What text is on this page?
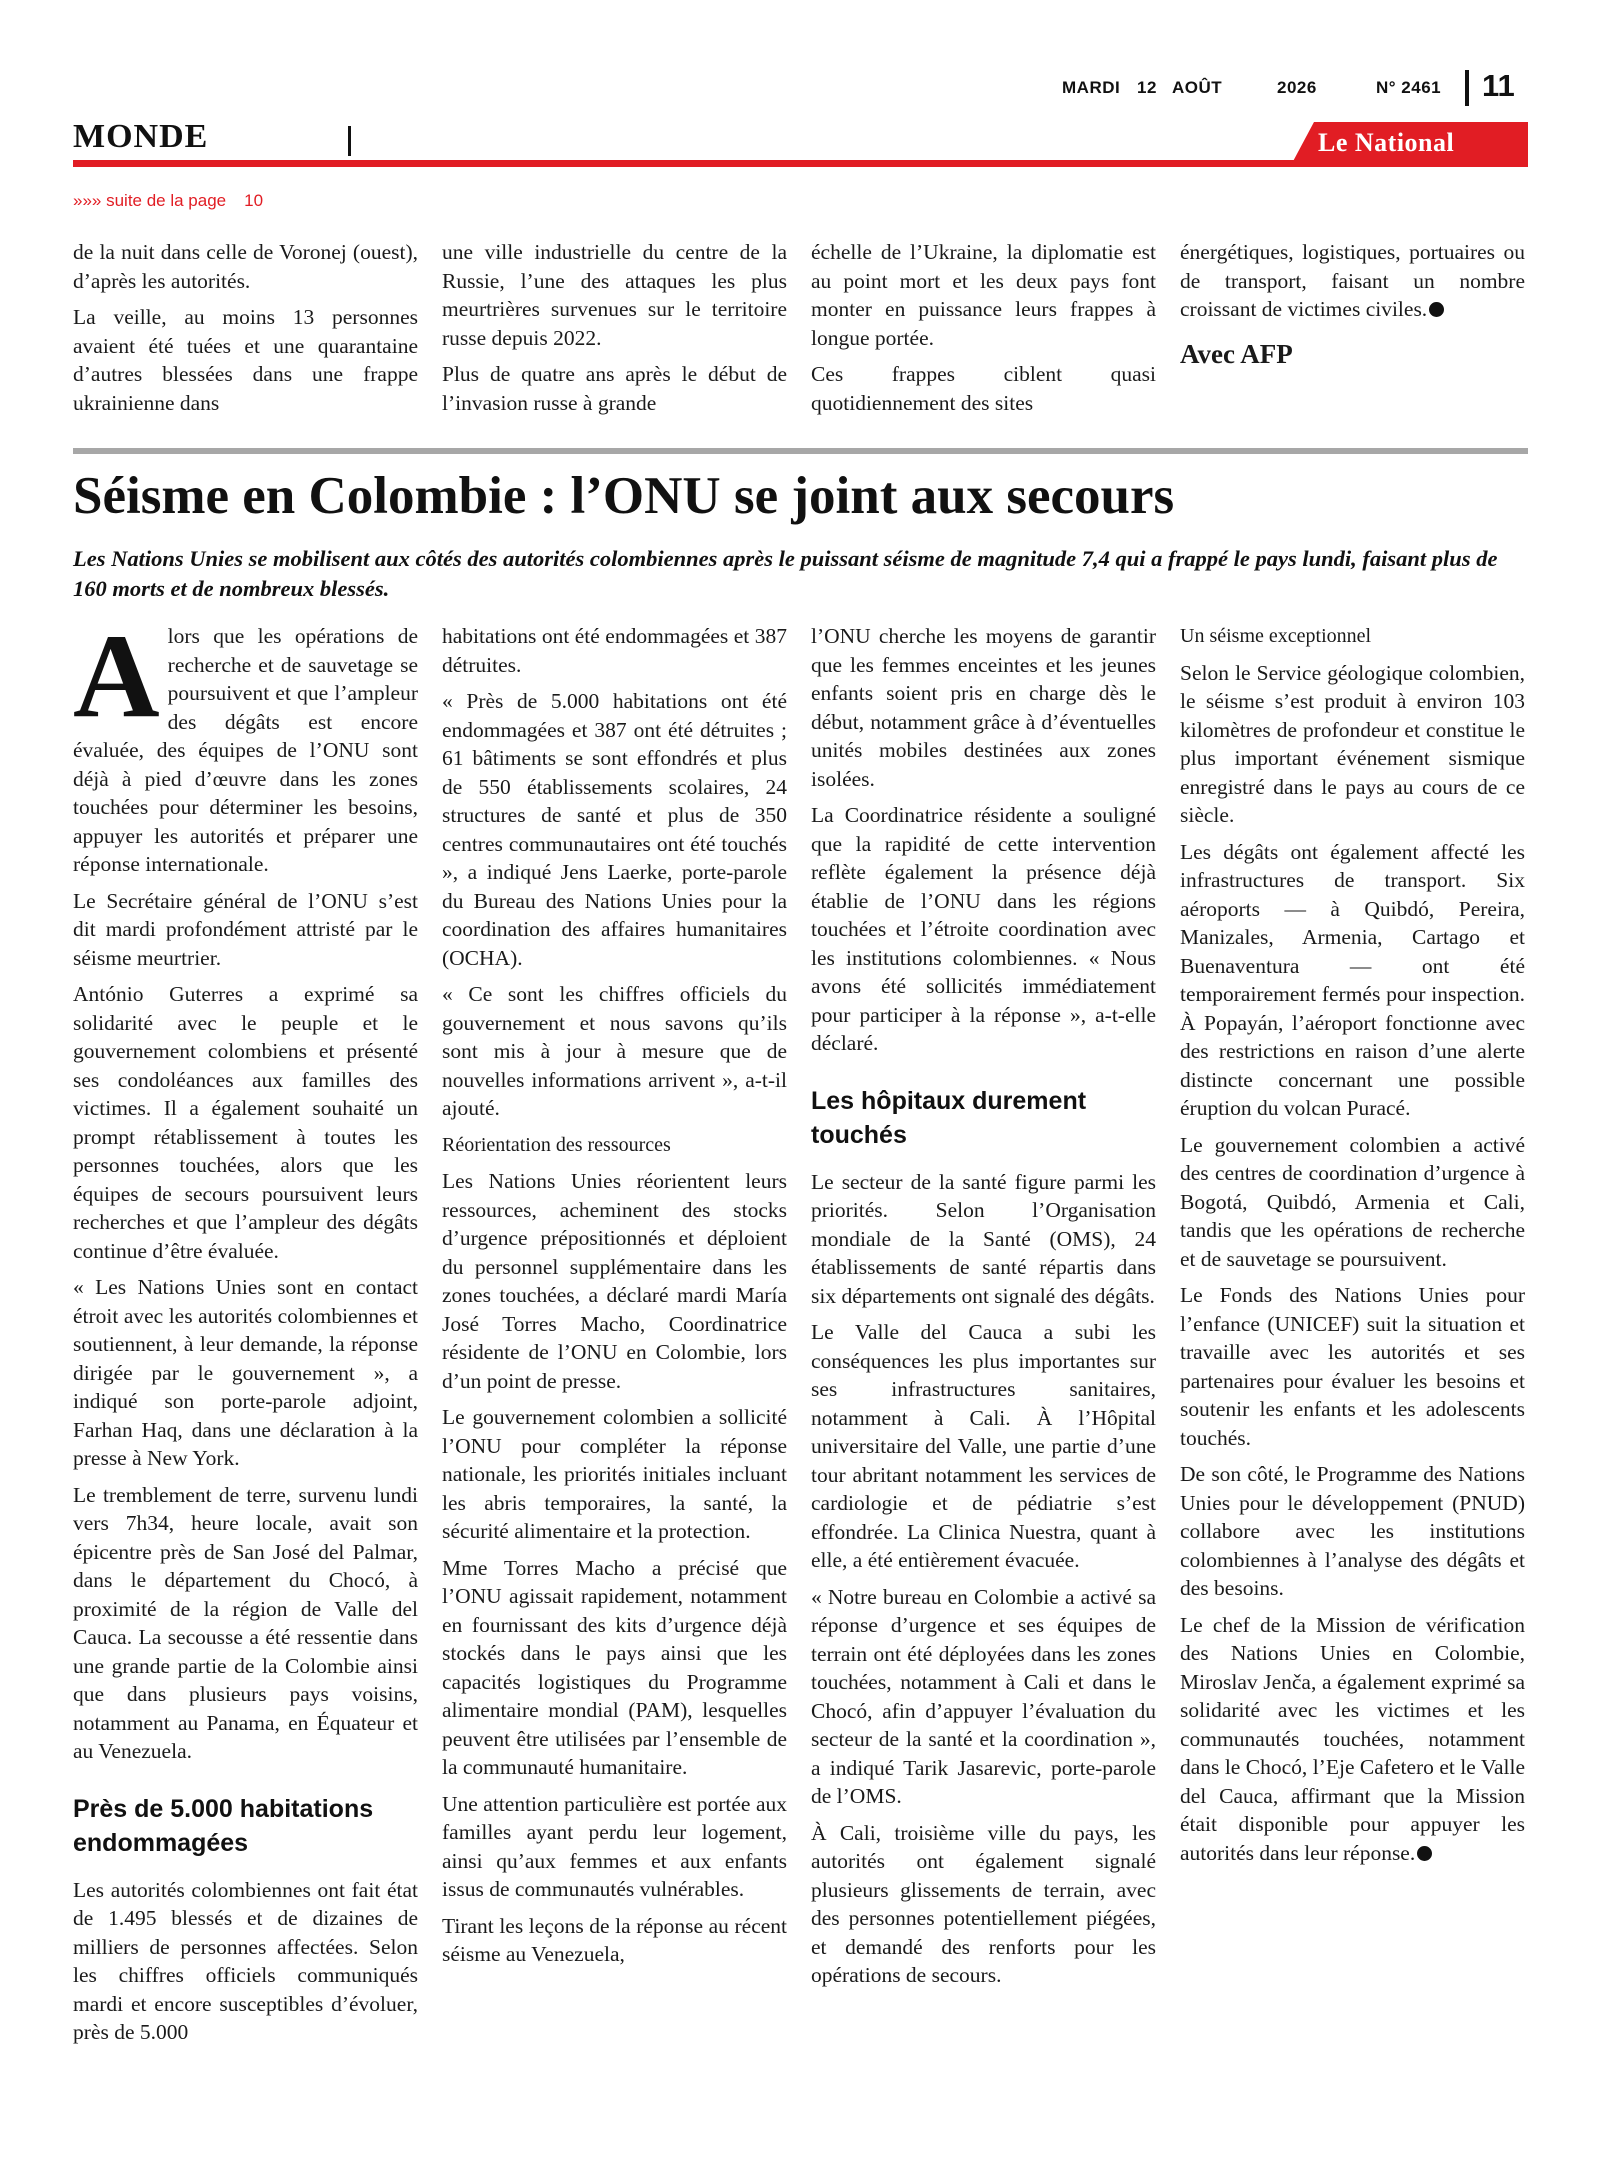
MARDI 12 AOÛT	2026	N° 2461 11
MONDE	Le National
»»» suite de la page 10

de la nuit dans celle de Voronej (ouest), d’après les autorités.

La veille, au moins 13 personnes avaient été tuées et une quarantaine d’autres blessées dans une frappe ukrainienne dans

une ville industrielle du centre de la Russie, l’une des attaques les plus meurtrières survenues sur le territoire russe depuis 2022.

Plus de quatre ans après le début de l’invasion russe à grande

échelle de l’Ukraine, la diplomatie est au point mort et les deux pays font monter en puissance leurs frappes à longue portée.

Ces frappes ciblent quasi quotidiennement des sites

énergétiques, logistiques, portuaires ou de transport, faisant un nombre croissant de victimes civiles.

Avec AFP

Séisme en Colombie : l’ONU se joint aux secours
Les Nations Unies se mobilisent aux côtés des autorités colombiennes après le puissant séisme de magnitude 7,4 qui a frappé le pays lundi, faisant plus de 160 morts et de nombreux blessés.

Alors que les opérations de recherche et de sauvetage se poursuivent et que l’ampleur des dégâts est encore évaluée, des équipes de l’ONU sont déjà à pied d’œuvre dans les zones touchées pour déterminer les besoins, appuyer les autorités et préparer une réponse internationale.

Le Secrétaire général de l’ONU s’est dit mardi profondément attristé par le séisme meurtrier.

António Guterres a exprimé sa solidarité avec le peuple et le gouvernement colombiens et présenté ses condoléances aux familles des victimes. Il a également souhaité un prompt rétablissement à toutes les personnes touchées, alors que les équipes de secours poursuivent leurs recherches et que l’ampleur des dégâts continue d’être évaluée.

« Les Nations Unies sont en contact étroit avec les autorités colombiennes et soutiennent, à leur demande, la réponse dirigée par le gouvernement », a indiqué son porte-parole adjoint, Farhan Haq, dans une déclaration à la presse à New York.

Le tremblement de terre, survenu lundi vers 7h34, heure locale, avait son épicentre près de San José del Palmar, dans le département du Chocó, à proximité de la région de Valle del Cauca. La secousse a été ressentie dans une grande partie de la Colombie ainsi que dans plusieurs pays voisins, notamment au Panama, en Équateur et au Venezuela.

Près de 5.000 habitations endommagées

Les autorités colombiennes ont fait état de 1.495 blessés et de dizaines de milliers de personnes affectées. Selon les chiffres officiels communiqués mardi et encore susceptibles d’évoluer, près de 5.000

habitations ont été endommagées et 387 détruites.

« Près de 5.000 habitations ont été endommagées et 387 ont été détruites ; 61 bâtiments se sont effondrés et plus de 550 établissements scolaires, 24 structures de santé et plus de 350 centres communautaires ont été touchés », a indiqué Jens Laerke, porte-parole du Bureau des Nations Unies pour la coordination des affaires humanitaires (OCHA).

« Ce sont les chiffres officiels du gouvernement et nous savons qu’ils sont mis à jour à mesure que de nouvelles informations arrivent », a-t-il ajouté.

Réorientation des ressources

Les Nations Unies réorientent leurs ressources, acheminent des stocks d’urgence prépositionnés et déploient du personnel supplémentaire dans les zones touchées, a déclaré mardi María José Torres Macho, Coordinatrice résidente de l’ONU en Colombie, lors d’un point de presse.

Le gouvernement colombien a sollicité l’ONU pour compléter la réponse nationale, les priorités initiales incluant les abris temporaires, la santé, la sécurité alimentaire et la protection.

Mme Torres Macho a précisé que l’ONU agissait rapidement, notamment en fournissant des kits d’urgence déjà stockés dans le pays ainsi que les capacités logistiques du Programme alimentaire mondial (PAM), lesquelles peuvent être utilisées par l’ensemble de la communauté humanitaire.

Une attention particulière est portée aux familles ayant perdu leur logement, ainsi qu’aux femmes et aux enfants issus de communautés vulnérables.

Tirant les leçons de la réponse au récent séisme au Venezuela,

l’ONU cherche les moyens de garantir que les femmes enceintes et les jeunes enfants soient pris en charge dès le début, notamment grâce à d’éventuelles unités mobiles destinées aux zones isolées.

La Coordinatrice résidente a souligné que la rapidité de cette intervention reflète également la présence déjà établie de l’ONU dans les régions touchées et l’étroite coordination avec les institutions colombiennes. « Nous avons été sollicités immédiatement pour participer à la réponse », a-t-elle déclaré.

Les hôpitaux durement touchés

Le secteur de la santé figure parmi les priorités. Selon l’Organisation mondiale de la Santé (OMS), 24 établissements de santé répartis dans six départements ont signalé des dégâts.

Le Valle del Cauca a subi les conséquences les plus importantes sur ses infrastructures sanitaires, notamment à Cali. À l’Hôpital universitaire del Valle, une partie d’une tour abritant notamment les services de cardiologie et de pédiatrie s’est effondrée. La Clinica Nuestra, quant à elle, a été entièrement évacuée.

« Notre bureau en Colombie a activé sa réponse d’urgence et ses équipes de terrain ont été déployées dans les zones touchées, notamment à Cali et dans le Chocó, afin d’appuyer l’évaluation du secteur de la santé et la coordination », a indiqué Tarik Jasarevic, porte-parole de l’OMS.

À Cali, troisième ville du pays, les autorités ont également signalé plusieurs glissements de terrain, avec des personnes potentiellement piégées, et demandé des renforts pour les opérations de secours.

Un séisme exceptionnel

Selon le Service géologique colombien, le séisme s’est produit à environ 103 kilomètres de profondeur et constitue le plus important événement sismique enregistré dans le pays au cours de ce siècle.

Les dégâts ont également affecté les infrastructures de transport. Six aéroports — à Quibdó, Pereira, Manizales, Armenia, Cartago et Buenaventura — ont été temporairement fermés pour inspection. À Popayán, l’aéroport fonctionne avec des restrictions en raison d’une alerte distincte concernant une possible éruption du volcan Puracé.

Le gouvernement colombien a activé des centres de coordination d’urgence à Bogotá, Quibdó, Armenia et Cali, tandis que les opérations de recherche et de sauvetage se poursuivent.

Le Fonds des Nations Unies pour l’enfance (UNICEF) suit la situation et travaille avec les autorités et ses partenaires pour évaluer les besoins et soutenir les enfants et les adolescents touchés.

De son côté, le Programme des Nations Unies pour le développement (PNUD) collabore avec les institutions colombiennes à l’analyse des dégâts et des besoins.

Le chef de la Mission de vérification des Nations Unies en Colombie, Miroslav Jenča, a également exprimé sa solidarité avec les victimes et les communautés touchées, notamment dans le Chocó, l’Eje Cafetero et le Valle del Cauca, affirmant que la Mission était disponible pour appuyer les autorités dans leur réponse.
